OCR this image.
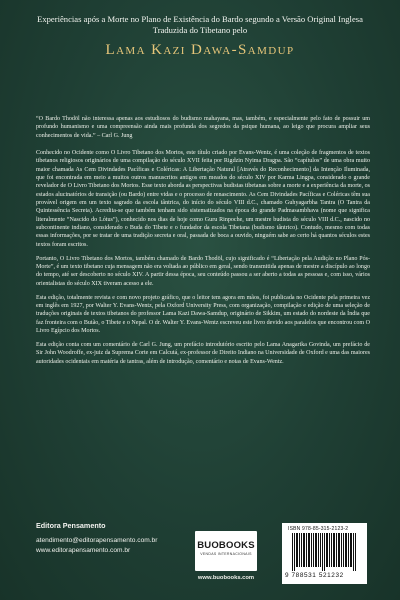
Experiências após a Morte no Plano de Existência do Bardo segundo a Versão Original Inglesa Traduzida do Tibetano pelo

Lama Kazi Dawa-Samdup

“O Bardo Thodöl não interessa apenas aos estudiosos do budismo mahayana, mas, também, e especialmente pelo fato de possuir um profundo humanismo e uma compreensão ainda mais profunda dos segredos da psique humana, ao leigo que procura ampliar seus conhecimentos de vida.” – Carl G. Jung

Conhecido no Ocidente como O Livro Tibetano dos Mortos, este título criado por Evans-Wentz, é uma coleção de fragmentos de textos tibetanos religiosos originários de uma compilação do século XVII feita por Rigdzin Nyima Dragpa. São “capítulos” de uma obra muito maior chamada As Cem Divindades Pacíficas e Coléricas: A Libertação Natural [Através do Reconhecimento] da Intenção Iluminada, que foi encontrada em meio a muitos outros manuscritos antigos em meados do século XIV por Karma Lingpa, considerado o grande revelador de O Livro Tibetano dos Mortos. Esse texto aborda as perspectivas budistas tibetanas sobre a morte e a experiência da morte, os estados alucinatórios de transição (ou Bardo) entre vidas e o processo de renascimento. As Cem Divindades Pacíficas e Coléricas têm sua provável origem em um texto sagrado da escola tântrica, do início do século VIII d.C., chamado Guhyagarbha Tantra (O Tantra da Quintessência Secreta). Acredita-se que também tenham sido sistematizados na época do grande Padmasambhava (nome que significa literalmente “Nascido do Lótus”), conhecido nos dias de hoje como Guru Rinpoche, um mestre budista do século VIII d.C., nascido no subcontinente indiano, considerado o Buda do Tibete e o fundador da escola Tibetana (budismo tântrico). Contudo, mesmo com todas essas informações, por se tratar de uma tradição secreta e oral, passada de boca a ouvido, ninguém sabe ao certo há quantos séculos estes textos foram escritos.

Portanto, O Livro Tibetano dos Mortos, também chamado de Bardo Thodöl, cujo significado é “Libertação pela Audição no Plano Pós-Morte”, é um texto tibetano cuja mensagem não era voltada ao público em geral, sendo transmitida apenas de mestre a discípulo ao longo do tempo, até ser descoberto no século XIV. A partir dessa época, seu conteúdo passou a ser aberto a todas as pessoas e, com isso, vários orientalistas do século XIX tiveram acesso a ele.

Esta edição, totalmente revista e com novo projeto gráfico, que o leitor tem agora em mãos, foi publicada no Ocidente pela primeira vez em inglês em 1927, por Walter Y. Evans-Wentz, pela Oxford University Press, com organização, compilação e edição de uma seleção de traduções originais de textos tibetanos do professor Lama Kazi Dawa-Samdup, originário de Sikkim, um estado do nordeste da Índia que faz fronteira com o Butão, o Tibete e o Nepal. O dr. Walter Y. Evans-Wentz escreveu este livro devido aos paralelos que encontrou com O Livro Egípcio dos Mortos.

Esta edição conta com um comentário de Carl G. Jung, um prefácio introdutório escrito pelo Lama Anagarika Govinda, um prefácio de Sir John Woodroffe, ex-juiz da Suprema Corte em Calcutá, ex-professor de Direito Indiano na Universidade de Oxford e uma das maiores autoridades ocidentais em matéria de tantras, além de introdução, comentário e notas de Evans-Wentz.

Editora Pensamento
atendimento@editorapensamento.com.br
www.editorapensamento.com.br	BUOBOOKS
VENDAS INTERNACIONAIS
www.buobooks.com
ISBN 978-85-315-2123-2
9 788531 521232
